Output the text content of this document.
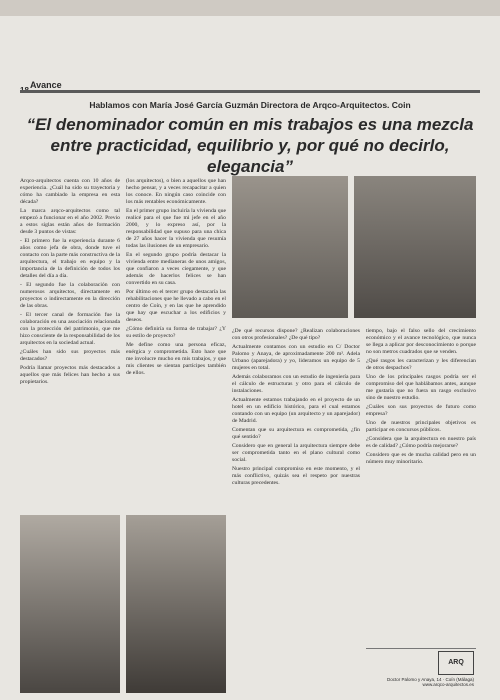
Avance
Hablamos con María José García Guzmán Directora de Arqco-Arquitectos. Coin
“El denominador común en mis trabajos es una mezcla entre practicidad, equilibrio y, por qué no decirlo, elegancia”

Arqco-arquitectos cuenta con 10 años de experiencia. ¿Cuál ha sido su trayectoria y cómo ha cambiado la empresa en esta década?

La marca arqco-arquitectos como tal empezó a funcionar en el año 2002. Previo a estos siglas están años de formación desde 3 puntos de vistas:

- El primero fue la experiencia durante 6 años como jefa de obra, donde tuve el contacto con la parte más constructiva de la arquitectura, el trabajo en equipo y la importancia de la definición de todos los detalles del día a día.

- El segundo fue la colaboración con numerosos arquitectos, directamente en proyectos o indirectamente en la dirección de las obras.

- El tercer canal de formación fue la colaboración en una asociación relacionada con la protección del patrimonio, que me hizo consciente de la responsabilidad de los arquitectos en la sociedad actual.

¿Cuáles han sido sus proyectos más destacados?

Podría llamar proyectos más destacados a aquellos que más felices han hecho a sus propietarios.

(los arquitectos), o bien a aquellos que han hecho pensar, y a veces recapacitar a quien los conoce. En ningún caso coincide con los más rentables económicamente.

En el primer grupo incluiría la vivienda que realicé para el que fue mi jefe en el año 2000, y lo expreso así, por la responsabilidad que supuso para una chica de 27 años hacer la vivienda que resumía todas las ilusiones de un empresario.

En el segundo grupo podría destacar la vivienda entre medianeras de unos amigos, que confiaron a veces ciegamente, y que además de hacerlos felices se han convertido en su casa.

Por último en el tercer grupo destacaría las rehabilitaciones que he llevado a cabo en el centro de Coín, y en las que he aprendido que hay que escuchar a los edificios y deseos.

¿Cómo definiría su forma de trabajar? ¿Y su estilo de proyecto?

Me define como una persona eficaz, enérgica y comprometida. Esto hace que me involucre mucho en mis trabajos, y que mis clientes se sientan partícipes también de ellos.

¿De qué recursos dispone? ¿Realizan colaboraciones con otros profesionales? ¿De qué tipo?

Actualmente contamos con un estudio en C/ Doctor Palomo y Anaya, de aproximadamente 200 m². Adela Urbano (aparejadora) y yo, lideramos un equipo de 5 mujeres en total.

Además colaboramos con un estudio de ingeniería para el cálculo de estructuras y otro para el cálculo de instalaciones.

Actualmente estamos trabajando en el proyecto de un hotel en un edificio histórico, para el cual estamos contando con un equipo (un arquitecto y un aparejador) de Madrid.

Comentan que su arquitectura es comprometida, ¿fin qué sentido?

Considero que en general la arquitectura siempre debe ser comprometida tanto en el plano cultural como social.

Nuestro principal compromiso en este momento, y el más conflictivo, quizás sea el respeto por nuestras culturas precedentes.

tiempo, bajo el falso sello del crecimiento económico y el avance tecnológico, que nunca se llega a aplicar por desconocimiento o porque no son metros cuadrados que se venden.

¿Qué rasgos les caracterizan y les diferencian de otros despachos?

Uno de los principales rasgos podría ser el compromiso del que hablábamos antes, aunque me gustaría que no fuera un rasgo exclusivo sino de nuestro estudio.

¿Cuáles son sus proyectos de futuro como empresa?

Uno de nuestros principales objetivos es participar en concursos públicos.

¿Considera que la arquitectura en nuestro país es de calidad? ¿Cómo podría mejorarse?

Considero que es de mucha calidad pero en un número muy minoritario.

ARQ
Doctor Palomo y Anaya, 14 · Coín (Málaga)
www.arqco-arquitectos.es
